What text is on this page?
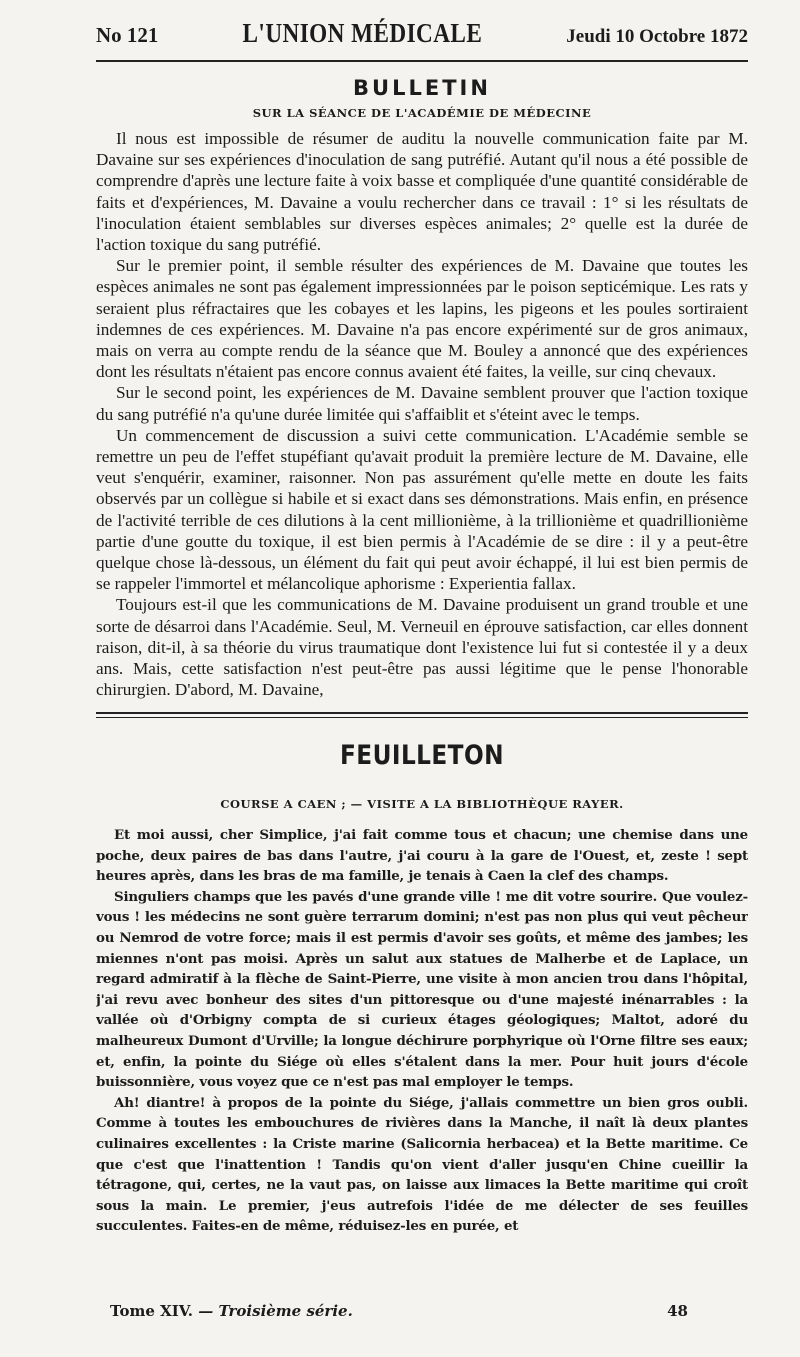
No 121	L'UNION MÉDICALE	Jeudi 10 Octobre 1872
BULLETIN
SUR LA SÉANCE DE L'ACADÉMIE DE MÉDECINE

Il nous est impossible de résumer de auditu la nouvelle communication faite par M. Davaine sur ses expériences d'inoculation de sang putréfié. Autant qu'il nous a été possible de comprendre d'après une lecture faite à voix basse et compliquée d'une quantité considérable de faits et d'expériences, M. Davaine a voulu rechercher dans ce travail : 1° si les résultats de l'inoculation étaient semblables sur diverses espèces animales; 2° quelle est la durée de l'action toxique du sang putréfié.

Sur le premier point, il semble résulter des expériences de M. Davaine que toutes les espèces animales ne sont pas également impressionnées par le poison septicémique. Les rats y seraient plus réfractaires que les cobayes et les lapins, les pigeons et les poules sortiraient indemnes de ces expériences. M. Davaine n'a pas encore expérimenté sur de gros animaux, mais on verra au compte rendu de la séance que M. Bouley a annoncé que des expériences dont les résultats n'étaient pas encore connus avaient été faites, la veille, sur cinq chevaux.

Sur le second point, les expériences de M. Davaine semblent prouver que l'action toxique du sang putréfié n'a qu'une durée limitée qui s'affaiblit et s'éteint avec le temps.

Un commencement de discussion a suivi cette communication. L'Académie semble se remettre un peu de l'effet stupéfiant qu'avait produit la première lecture de M. Davaine, elle veut s'enquérir, examiner, raisonner. Non pas assurément qu'elle mette en doute les faits observés par un collègue si habile et si exact dans ses démonstrations. Mais enfin, en présence de l'activité terrible de ces dilutions à la cent millionième, à la trillionième et quadrillionième partie d'une goutte du toxique, il est bien permis à l'Académie de se dire : il y a peut-être quelque chose là-dessous, un élément du fait qui peut avoir échappé, il lui est bien permis de se rappeler l'immortel et mélancolique aphorisme : Experientia fallax.

Toujours est-il que les communications de M. Davaine produisent un grand trouble et une sorte de désarroi dans l'Académie. Seul, M. Verneuil en éprouve satisfaction, car elles donnent raison, dit-il, à sa théorie du virus traumatique dont l'existence lui fut si contestée il y a deux ans. Mais, cette satisfaction n'est peut-être pas aussi légitime que le pense l'honorable chirurgien. D'abord, M. Davaine,

FEUILLETON
COURSE A CAEN ; — VISITE A LA BIBLIOTHÈQUE RAYER.

Et moi aussi, cher Simplice, j'ai fait comme tous et chacun; une chemise dans une poche, deux paires de bas dans l'autre, j'ai couru à la gare de l'Ouest, et, zeste ! sept heures après, dans les bras de ma famille, je tenais à Caen la clef des champs.

Singuliers champs que les pavés d'une grande ville ! me dit votre sourire. Que voulez-vous ! les médecins ne sont guère terrarum domini; n'est pas non plus qui veut pêcheur ou Nemrod de votre force; mais il est permis d'avoir ses goûts, et même des jambes; les miennes n'ont pas moisi. Après un salut aux statues de Malherbe et de Laplace, un regard admiratif à la flèche de Saint-Pierre, une visite à mon ancien trou dans l'hôpital, j'ai revu avec bonheur des sites d'un pittoresque ou d'une majesté inénarrables : la vallée où d'Orbigny compta de si curieux étages géologiques; Maltot, adoré du malheureux Dumont d'Urville; la longue déchirure porphyrique où l'Orne filtre ses eaux; et, enfin, la pointe du Siége où elles s'étalent dans la mer. Pour huit jours d'école buissonnière, vous voyez que ce n'est pas mal employer le temps.

Ah! diantre! à propos de la pointe du Siége, j'allais commettre un bien gros oubli. Comme à toutes les embouchures de rivières dans la Manche, il naît là deux plantes culinaires excellentes : la Criste marine (Salicornia herbacea) et la Bette maritime. Ce que c'est que l'inattention ! Tandis qu'on vient d'aller jusqu'en Chine cueillir la tétragone, qui, certes, ne la vaut pas, on laisse aux limaces la Bette maritime qui croît sous la main. Le premier, j'eus autrefois l'idée de me délecter de ses feuilles succulentes. Faites-en de même, réduisez-les en purée, et

Tome XIV. — Troisième série.	48
